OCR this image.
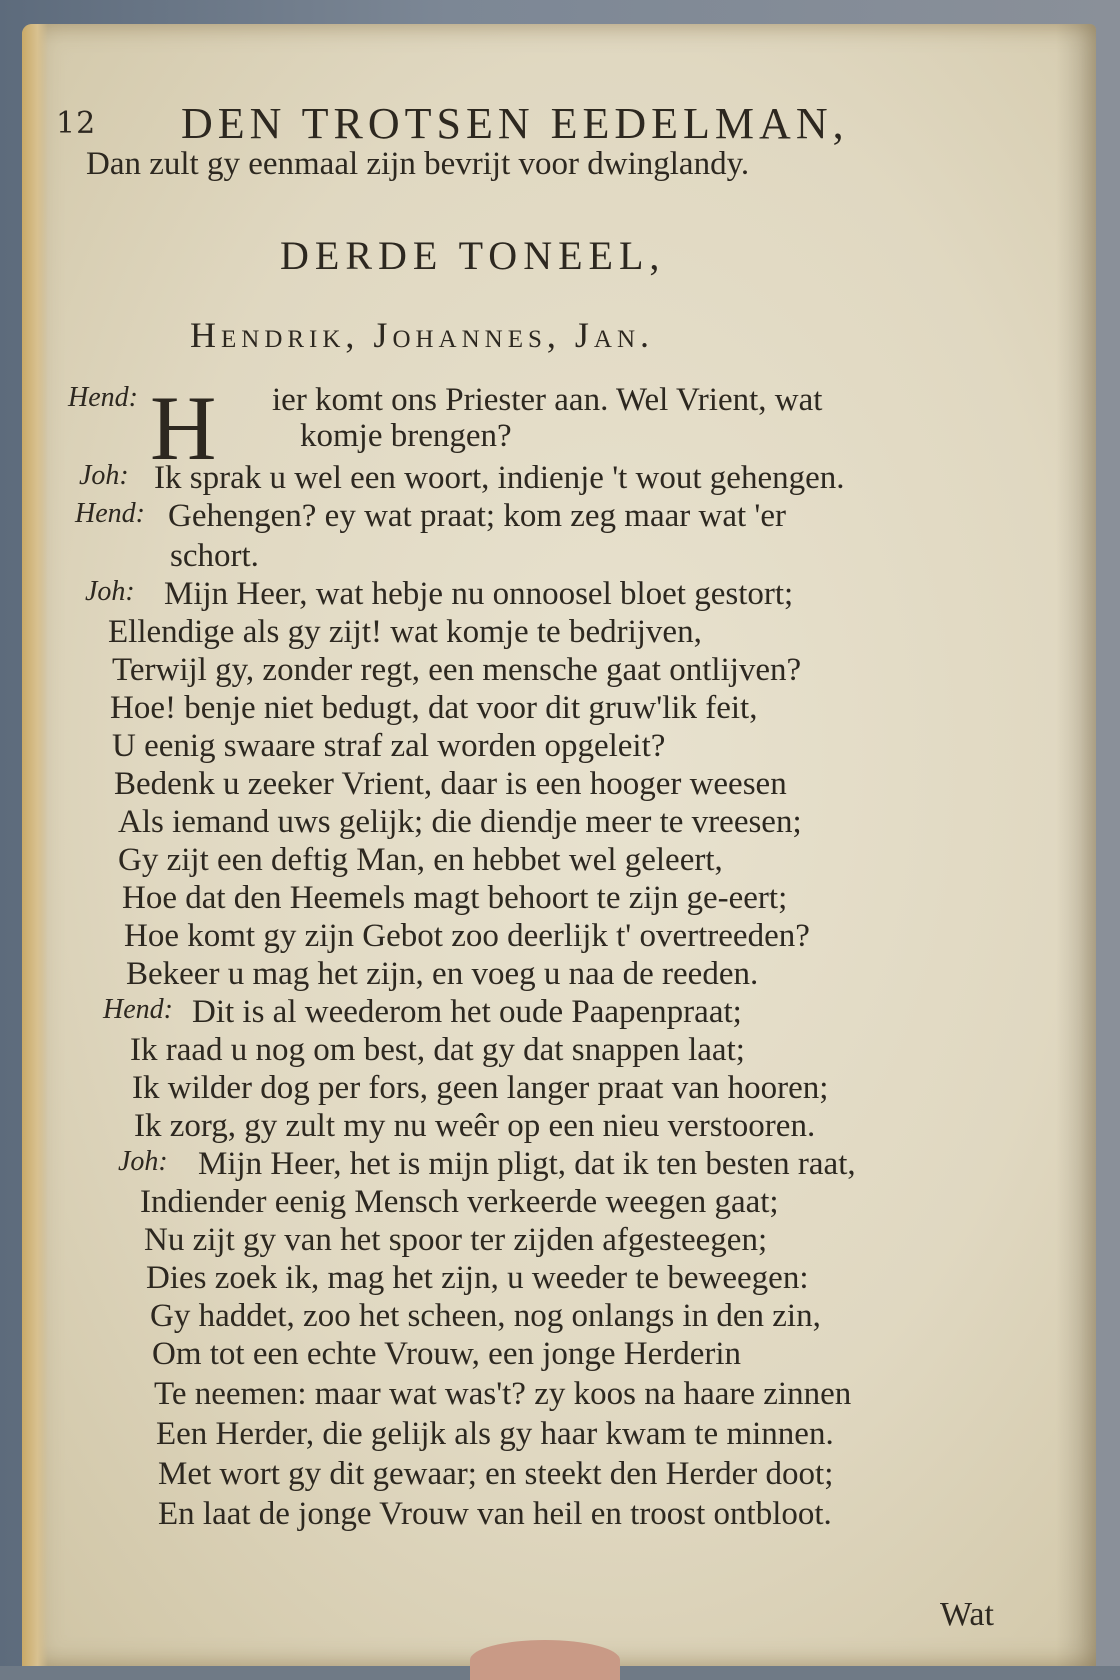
12 DEN TROTSEN EEDELMAN,
DERDE TONEEL,
Hendrik, Johannes, Jan.
H
Dan zult gy eenmaal zijn bevrijt voor dwinglandy.
Hend:	ier komt ons Priester aan. Wel Vrient, wat
komje brengen?
Joh: Ik sprak u wel een woort, indienje 't wout gehengen.
Hend: Gehengen? ey wat praat; kom zeg maar wat 'er
schort.
Joh: Mijn Heer, wat hebje nu onnoosel bloet gestort;
Ellendige als gy zijt! wat komje te bedrijven,
Terwijl gy, zonder regt, een mensche gaat ontlijven?
Hoe! benje niet bedugt, dat voor dit gruw'lik feit,
U eenig swaare straf zal worden opgeleit?
Bedenk u zeeker Vrient, daar is een hooger weesen
Als iemand uws gelijk; die diendje meer te vreesen;
Gy zijt een deftig Man, en hebbet wel geleert,
Hoe dat den Heemels magt behoort te zijn ge-eert;
Hoe komt gy zijn Gebot zoo deerlijk t' overtreeden?
Bekeer u mag het zijn, en voeg u naa de reeden.
Hend: Dit is al weederom het oude Paapenpraat;
Ik raad u nog om best, dat gy dat snappen laat;
Ik wilder dog per fors, geen langer praat van hooren;
Ik zorg, gy zult my nu weêr op een nieu verstooren.
Joh: Mijn Heer, het is mijn pligt, dat ik ten besten raat,
Indiender eenig Mensch verkeerde weegen gaat;
Nu zijt gy van het spoor ter zijden afgesteegen;
Dies zoek ik, mag het zijn, u weeder te beweegen:
Gy haddet, zoo het scheen, nog onlangs in den zin,
Om tot een echte Vrouw, een jonge Herderin
Te neemen: maar wat was't? zy koos na haare zinnen
Een Herder, die gelijk als gy haar kwam te minnen.
Met wort gy dit gewaar; en steekt den Herder doot;
En laat de jonge Vrouw van heil en troost ontbloot.
Wat
